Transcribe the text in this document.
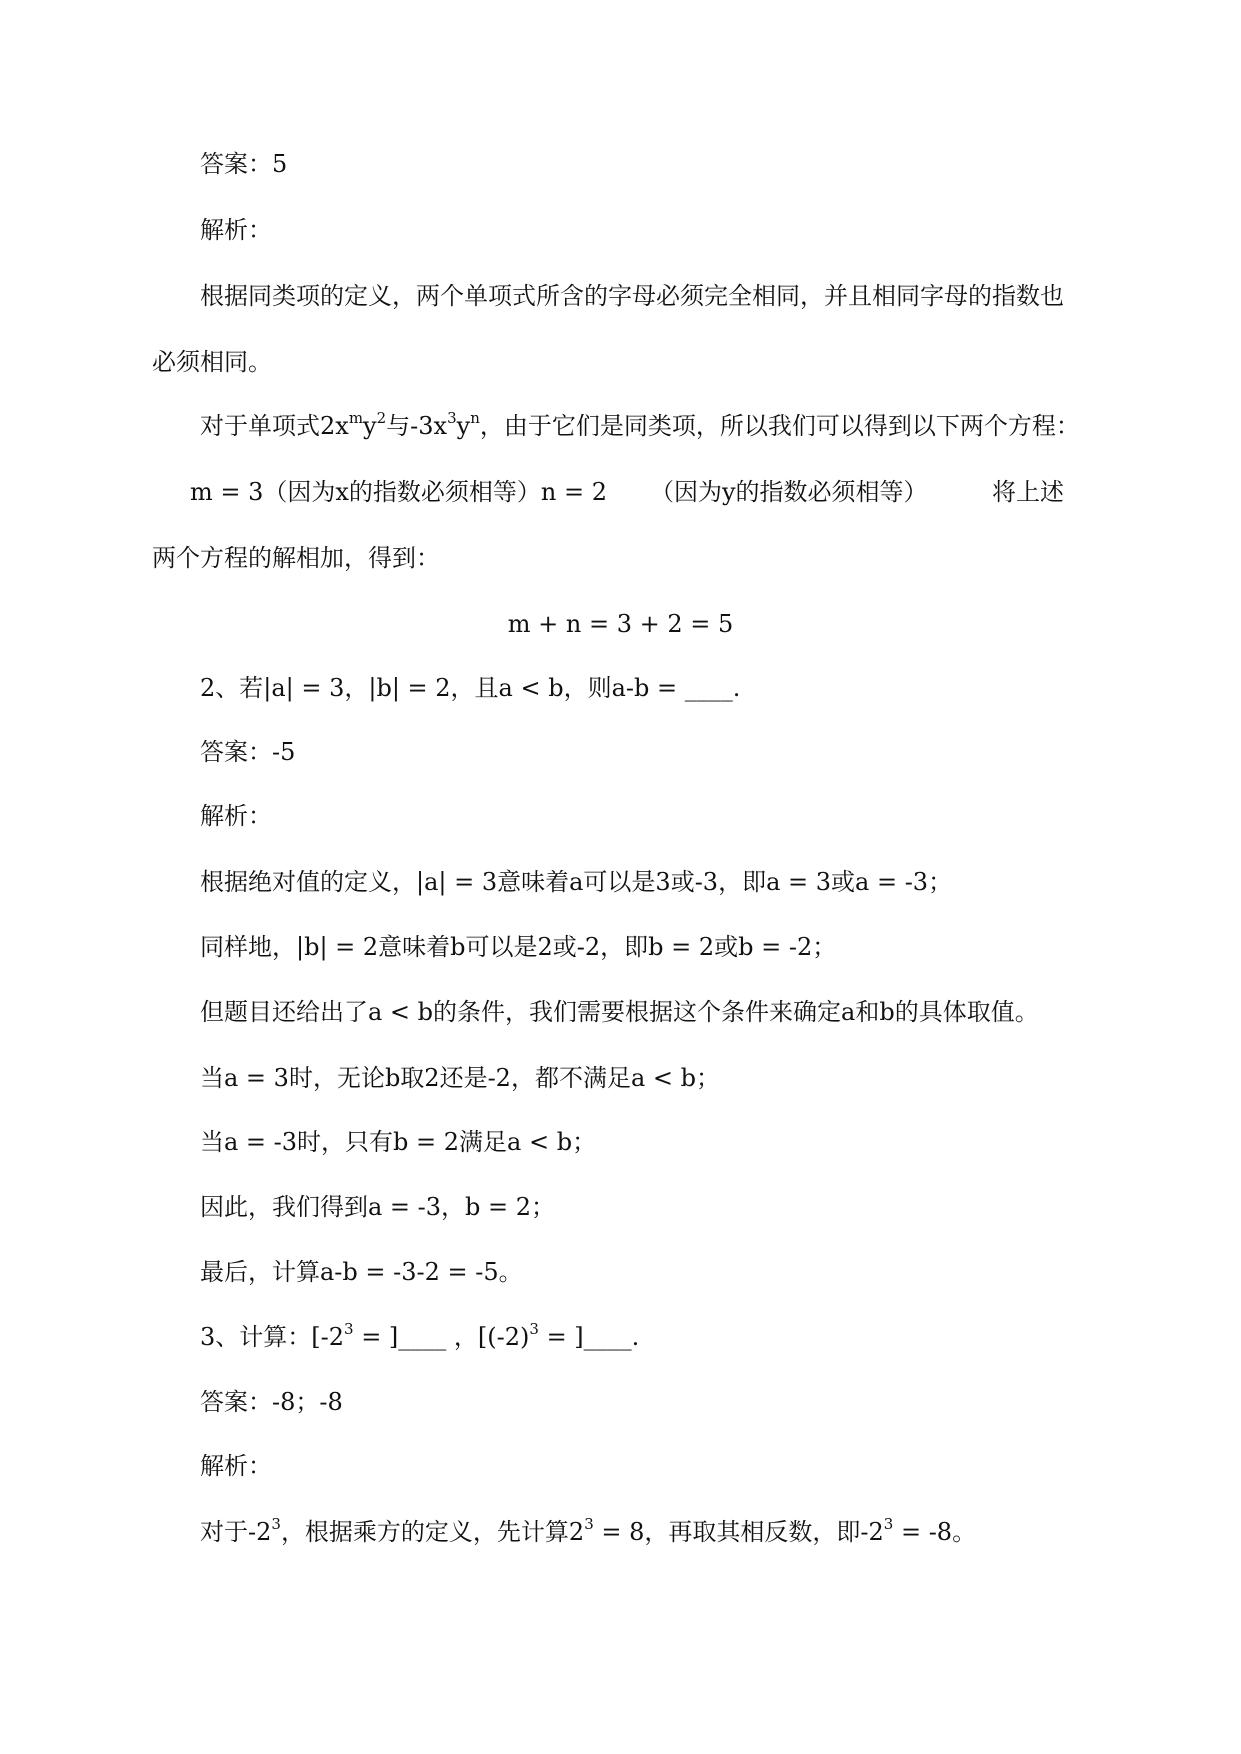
答案：5
解析：
根据同类项的定义，两个单项式所含的字母必须完全相同，并且相同字母的指数也
必须相同。
对于单项式$2x^my^2$与$-3x^3y^n$，由于它们是同类项，所以我们可以得到以下两个方程：
m = 3（因为x的指数必须相等）n = 2 （因为y的指数必须相等）	将上述
两个方程的解相加，得到：
m + n = 3 + 2 = 5
2、若|a| = 3，|b| = 2，且a < b，则a-b = ____.
答案：-5
解析：
根据绝对值的定义，|a| = 3意味着a可以是3或-3，即a = 3或a = -3；
同样地，|b| = 2意味着b可以是2或-2，即b = 2或b = -2；
但题目还给出了a < b的条件，我们需要根据这个条件来确定a和b的具体取值。
当a = 3时，无论b取2还是-2，都不满足a < b；
当a = -3时，只有b = 2满足a < b；
因此，我们得到a = -3，b = 2；
最后，计算a-b = -3-2 = -5。
3、计算：[$-2^3$ = ]____ ，[$(-2)^3$ = ]____.
答案：-8；-8
解析：
对于$-2^3$，根据乘方的定义，先计算$2^3 = 8$，再取其相反数，即$-2^3 = -8$。
